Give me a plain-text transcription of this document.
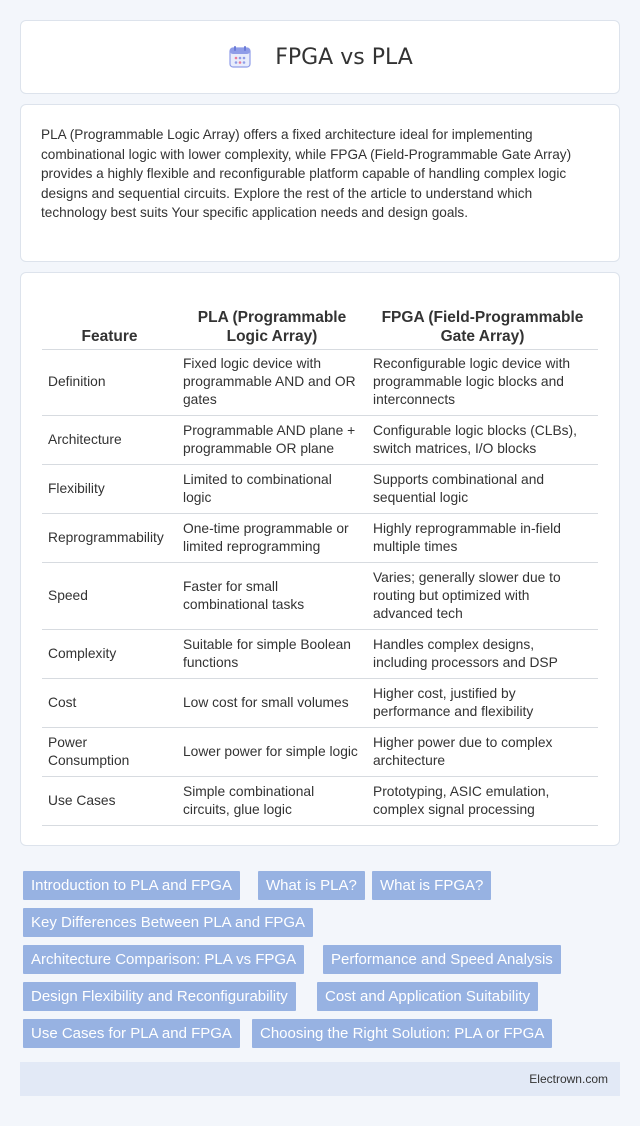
FPGA vs PLA

PLA (Programmable Logic Array) offers a fixed architecture ideal for implementing combinational logic with lower complexity, while FPGA (Field-Programmable Gate Array) provides a highly flexible and reconfigurable platform capable of handling complex logic designs and sequential circuits. Explore the rest of the article to understand which technology best suits Your specific application needs and design goals.

Feature	PLA (Programmable Logic Array)	FPGA (Field-Programmable Gate Array)
Definition	Fixed logic device with programmable AND and OR gates	Reconfigurable logic device with programmable logic blocks and interconnects
Architecture	Programmable AND plane + programmable OR plane	Configurable logic blocks (CLBs), switch matrices, I/O blocks
Flexibility	Limited to combinational logic	Supports combinational and sequential logic
Reprogrammability	One-time programmable or limited reprogramming	Highly reprogrammable in-field multiple times
Speed	Faster for small combinational tasks	Varies; generally slower due to routing but optimized with advanced tech
Complexity	Suitable for simple Boolean functions	Handles complex designs, including processors and DSP
Cost	Low cost for small volumes	Higher cost, justified by performance and flexibility
Power Consumption	Lower power for simple logic	Higher power due to complex architecture
Use Cases	Simple combinational circuits, glue logic	Prototyping, ASIC emulation, complex signal processing
Introduction to PLA and FPGA	What is PLA?	What is FPGA?
Key Differences Between PLA and FPGA
Architecture Comparison: PLA vs FPGA	Performance and Speed Analysis
Design Flexibility and Reconfigurability	Cost and Application Suitability
Use Cases for PLA and FPGA	Choosing the Right Solution: PLA or FPGA
Electrown.com
